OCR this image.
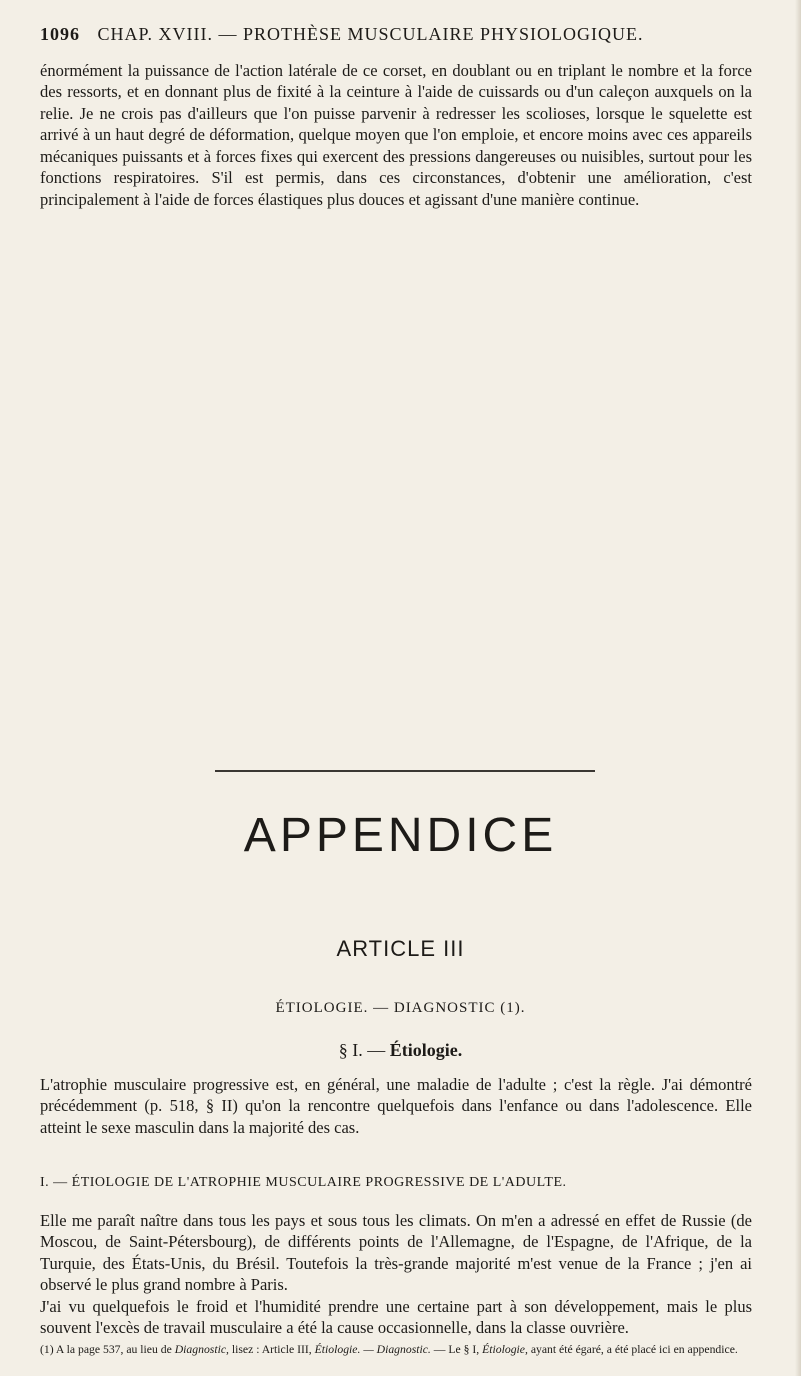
1096 CHAP. XVIII. — PROTHÈSE MUSCULAIRE PHYSIOLOGIQUE.

énormément la puissance de l'action latérale de ce corset, en doublant ou en triplant le nombre et la force des ressorts, et en donnant plus de fixité à la ceinture à l'aide de cuissards ou d'un caleçon auxquels on la relie. Je ne crois pas d'ailleurs que l'on puisse parvenir à redresser les scolioses, lorsque le squelette est arrivé à un haut degré de déformation, quelque moyen que l'on emploie, et encore moins avec ces appareils mécaniques puissants et à forces fixes qui exercent des pressions dangereuses ou nuisibles, surtout pour les fonctions respiratoires. S'il est permis, dans ces circonstances, d'obtenir une amélioration, c'est principalement à l'aide de forces élastiques plus douces et agissant d'une manière continue.

APPENDICE
ARTICLE III
ÉTIOLOGIE. — DIAGNOSTIC (1).
§ I. — Étiologie.

L'atrophie musculaire progressive est, en général, une maladie de l'adulte ; c'est la règle. J'ai démontré précédemment (p. 518, § II) qu'on la rencontre quelquefois dans l'enfance ou dans l'adolescence. Elle atteint le sexe masculin dans la majorité des cas.

I. — ÉTIOLOGIE DE L'ATROPHIE MUSCULAIRE PROGRESSIVE DE L'ADULTE.

Elle me paraît naître dans tous les pays et sous tous les climats. On m'en a adressé en effet de Russie (de Moscou, de Saint-Pétersbourg), de différents points de l'Allemagne, de l'Espagne, de l'Afrique, de la Turquie, des États-Unis, du Brésil. Toutefois la très-grande majorité m'est venue de la France ; j'en ai observé le plus grand nombre à Paris.

J'ai vu quelquefois le froid et l'humidité prendre une certaine part à son développement, mais le plus souvent l'excès de travail musculaire a été la cause occasionnelle, dans la classe ouvrière.

(1) A la page 537, au lieu de Diagnostic, lisez : Article III, Étiologie. — Diagnostic. — Le § I, Étiologie, ayant été égaré, a été placé ici en appendice.
